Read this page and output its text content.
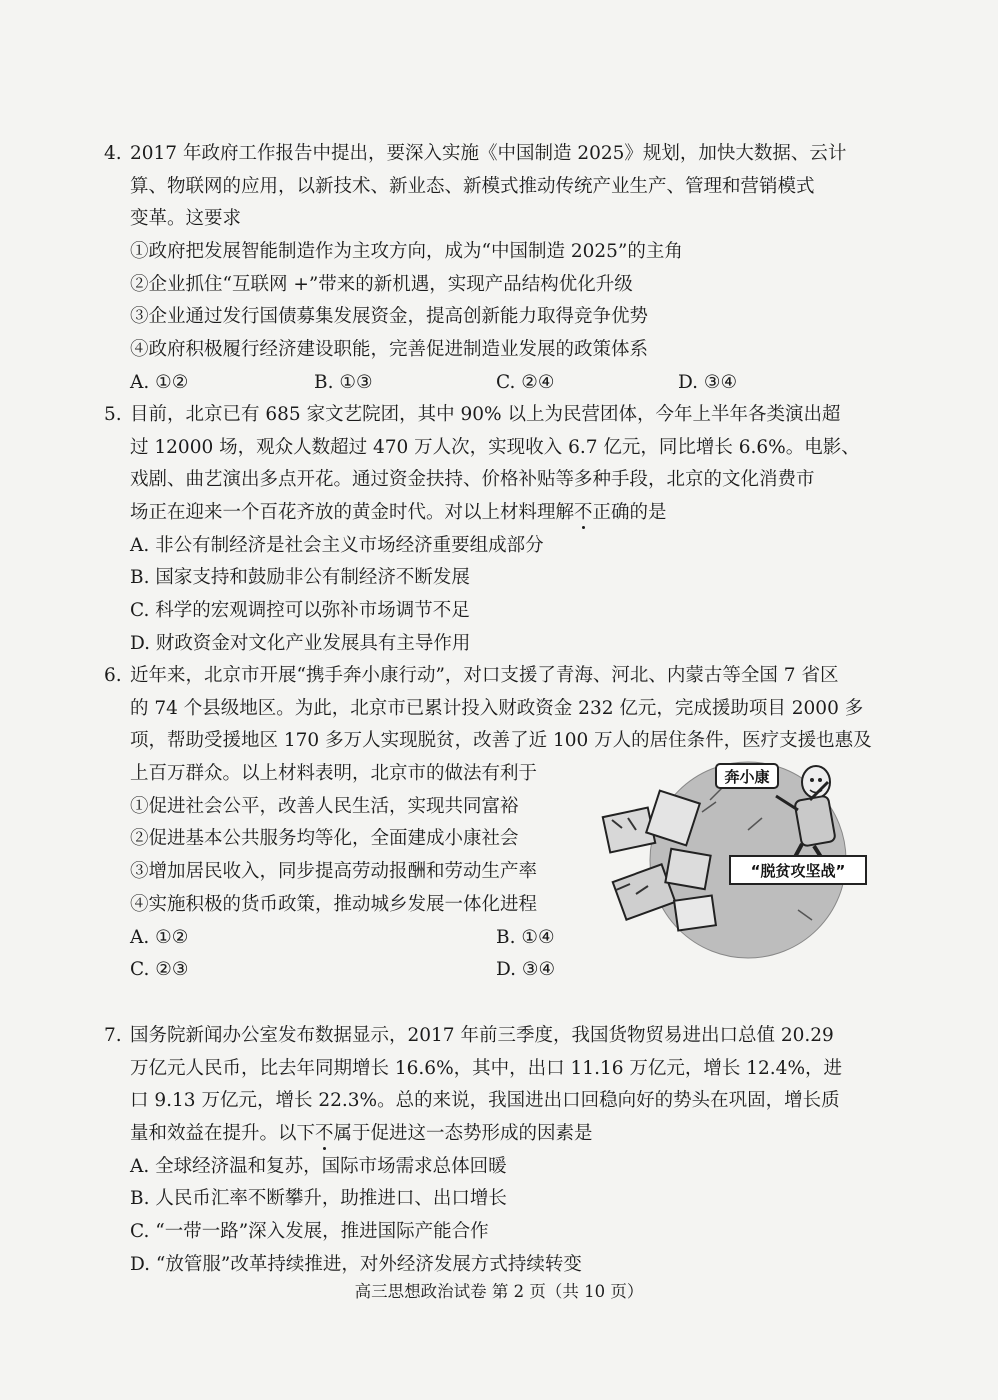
4. 2017 年政府工作报告中提出，要深入实施《中国制造 2025》规划，加快大数据、云计
算、物联网的应用，以新技术、新业态、新模式推动传统产业生产、管理和营销模式
变革。这要求
①政府把发展智能制造作为主攻方向，成为“中国制造 2025”的主角
②企业抓住“互联网 +”带来的新机遇，实现产品结构优化升级
③企业通过发行国债募集发展资金，提高创新能力取得竞争优势
④政府积极履行经济建设职能，完善促进制造业发展的政策体系
A. ①②	B. ①③	C. ②④	D. ③④
5. 目前，北京已有 685 家文艺院团，其中 90% 以上为民营团体，今年上半年各类演出超
过 12000 场，观众人数超过 470 万人次，实现收入 6.7 亿元，同比增长 6.6%。电影、
戏剧、曲艺演出多点开花。通过资金扶持、价格补贴等多种手段，北京的文化消费市
场正在迎来一个百花齐放的黄金时代。对以上材料理解不
正确的是
A. 非公有制经济是社会主义市场经济重要组成部分
B. 国家支持和鼓励非公有制经济不断发展
C. 科学的宏观调控可以弥补市场调节不足
D. 财政资金对文化产业发展具有主导作用
6. 近年来，北京市开展“携手奔小康行动”，对口支援了青海、河北、内蒙古等全国 7 省区
的 74 个县级地区。为此，北京市已累计投入财政资金 232 亿元，完成援助项目 2000 多
项，帮助受援地区 170 多万人实现脱贫，改善了近 100 万人的居住条件，医疗支援也惠及
上百万群众。以上材料表明，北京市的做法有利于
①促进社会公平，改善人民生活，实现共同富裕
②促进基本公共服务均等化，全面建成小康社会
③增加居民收入，同步提高劳动报酬和劳动生产率
④实施积极的货币政策，推动城乡发展一体化进程
A. ①②	B. ①④
C. ②③	D. ③④
奔小康
“脱贫攻坚战”
7. 国务院新闻办公室发布数据显示，2017 年前三季度，我国货物贸易进出口总值 20.29
万亿元人民币，比去年同期增长 16.6%，其中，出口 11.16 万亿元，增长 12.4%，进
口 9.13 万亿元，增长 22.3%。总的来说，我国进出口回稳向好的势头在巩固，增长质
量和效益在提升。以下不
属于促进这一态势形成的因素是
A. 全球经济温和复苏，国际市场需求总体回暖
B. 人民币汇率不断攀升，助推进口、出口增长
C. “一带一路”深入发展，推进国际产能合作
D. “放管服”改革持续推进，对外经济发展方式持续转变
高三思想政治试卷 第 2 页（共 10 页）
